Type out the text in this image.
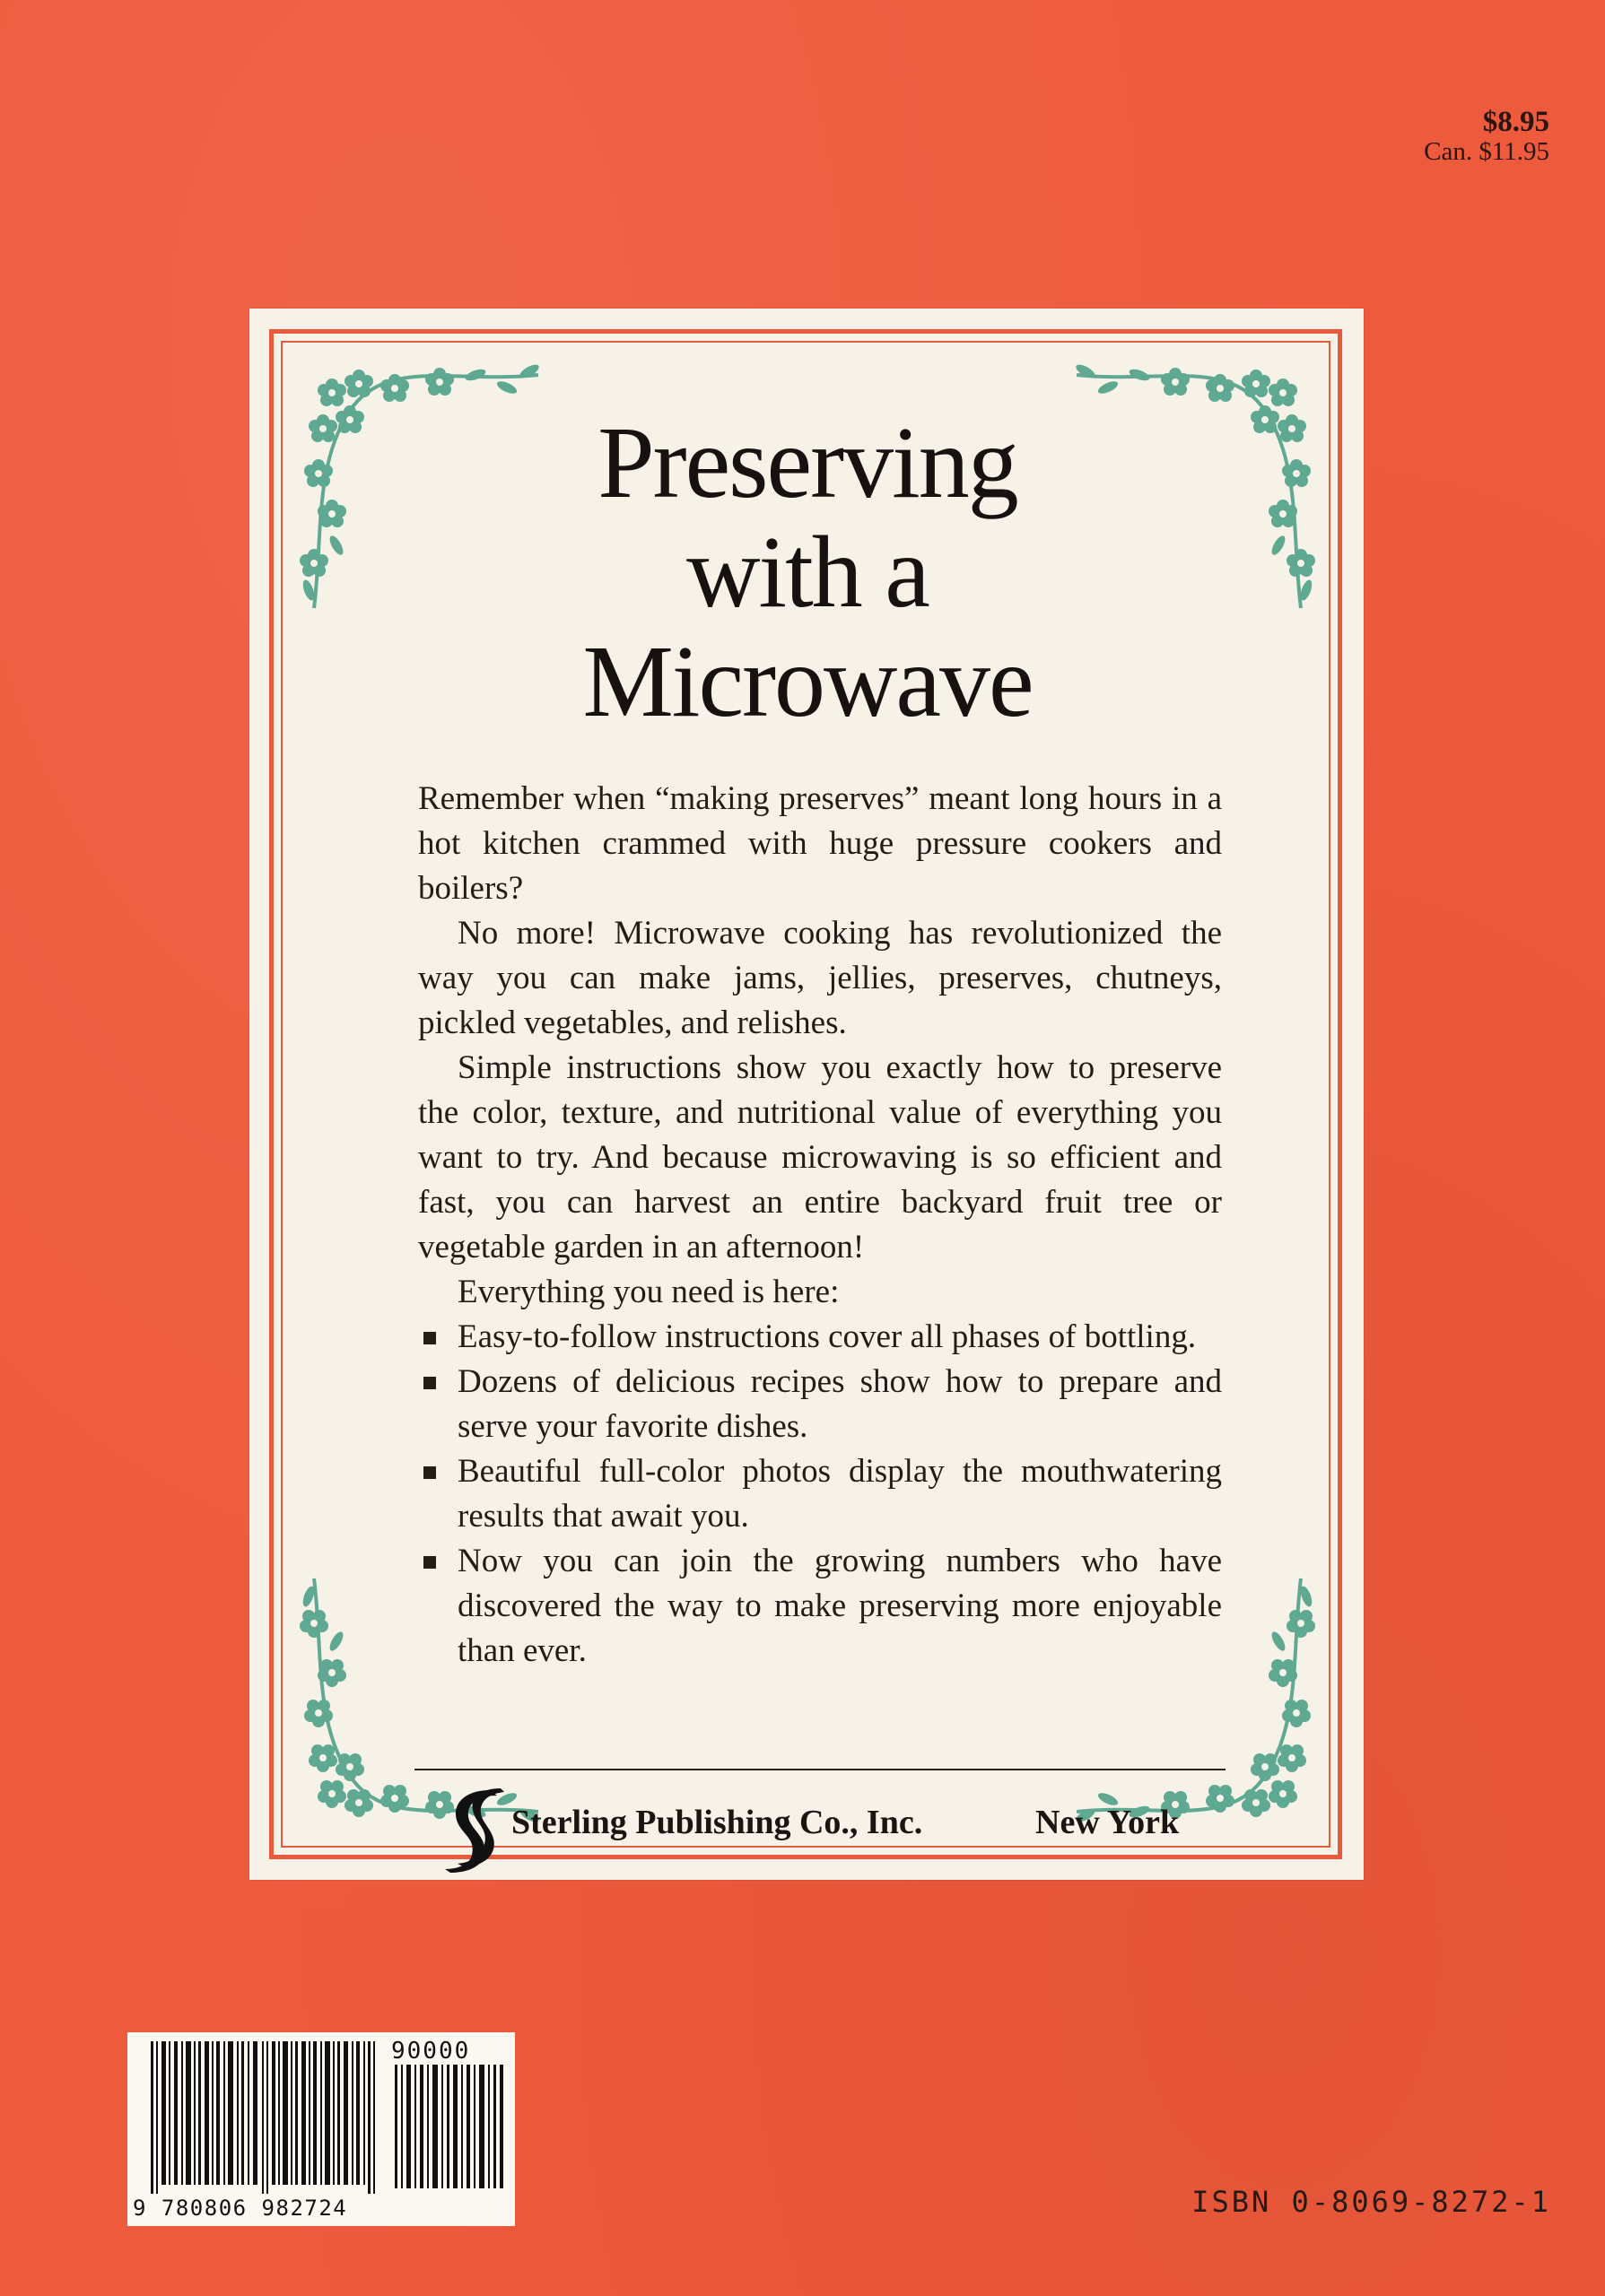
$8.95
Can. $11.95
Preserving
with a
Microwave

Remember when “making preserves” meant long hours in a hot kitchen crammed with huge pressure cookers and boilers?

No more! Microwave cooking has revolutionized the way you can make jams, jellies, preserves, chutneys, pickled vegetables, and relishes.

Simple instructions show you exactly how to preserve the color, texture, and nutritional value of everything you want to try. And because microwaving is so efficient and fast, you can harvest an entire backyard fruit tree or vegetable garden in an afternoon!

Everything you need is here:

Easy-to-follow instructions cover all phases of bottling.
Dozens of delicious recipes show how to prepare and serve your favorite dishes.
Beautiful full-color photos display the mouthwatering results that await you.
Now you can join the growing numbers who have discovered the way to make preserving more enjoyable than ever.
Sterling Publishing Co., Inc.	New York
90000
9 780806 982724	ISBN 0-8069-8272-1
